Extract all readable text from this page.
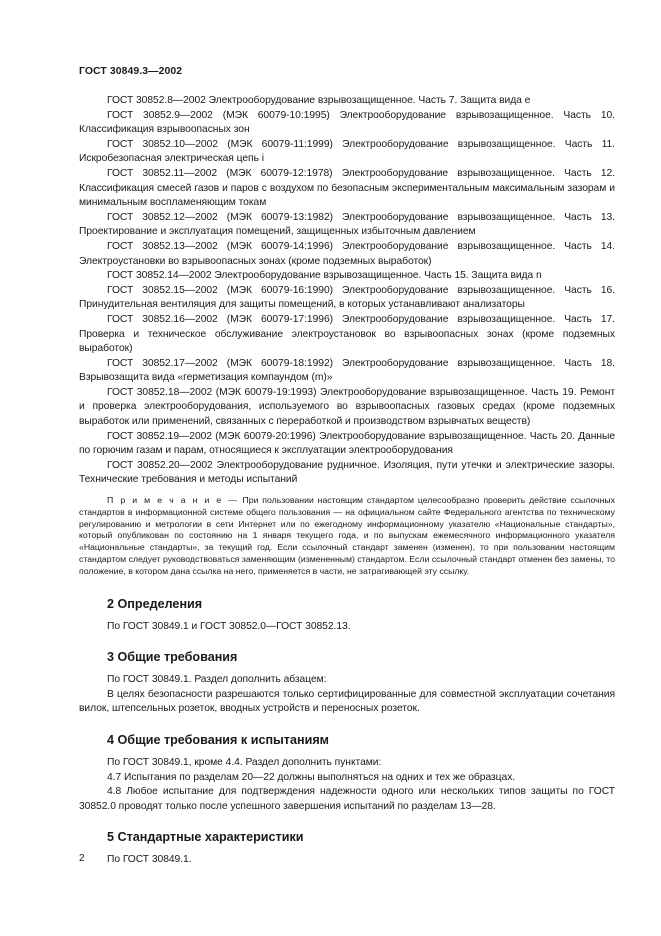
ГОСТ 30849.3—2002

ГОСТ 30852.8—2002 Электрооборудование взрывозащищенное. Часть 7. Защита вида е

ГОСТ 30852.9—2002 (МЭК 60079-10:1995) Электрооборудование взрывозащищенное. Часть 10. Классификация взрывоопасных зон

ГОСТ 30852.10—2002 (МЭК 60079-11:1999) Электрооборудование взрывозащищенное. Часть 11. Искробезопасная электрическая цепь i

ГОСТ 30852.11—2002 (МЭК 60079-12:1978) Электрооборудование взрывозащищенное. Часть 12. Классификация смесей газов и паров с воздухом по безопасным экспериментальным максимальным зазорам и минимальным воспламеняющим токам

ГОСТ 30852.12—2002 (МЭК 60079-13:1982) Электрооборудование взрывозащищенное. Часть 13. Проектирование и эксплуатация помещений, защищенных избыточным давлением

ГОСТ 30852.13—2002 (МЭК 60079-14:1996) Электрооборудование взрывозащищенное. Часть 14. Электроустановки во взрывоопасных зонах (кроме подземных выработок)

ГОСТ 30852.14—2002 Электрооборудование взрывозащищенное. Часть 15. Защита вида n

ГОСТ 30852.15—2002 (МЭК 60079-16:1990) Электрооборудование взрывозащищенное. Часть 16. Принудительная вентиляция для защиты помещений, в которых устанавливают анализаторы

ГОСТ 30852.16—2002 (МЭК 60079-17:1996) Электрооборудование взрывозащищенное. Часть 17. Проверка и техническое обслуживание электроустановок во взрывоопасных зонах (кроме подземных выработок)

ГОСТ 30852.17—2002 (МЭК 60079-18:1992) Электрооборудование взрывозащищенное. Часть 18. Взрывозащита вида «герметизация компаундом (m)»

ГОСТ 30852.18—2002 (МЭК 60079-19:1993) Электрооборудование взрывозащищенное. Часть 19. Ремонт и проверка электрооборудования, используемого во взрывоопасных газовых средах (кроме подземных выработок или применений, связанных с переработкой и производством взрывчатых веществ)

ГОСТ 30852.19—2002 (МЭК 60079-20:1996) Электрооборудование взрывозащищенное. Часть 20. Данные по горючим газам и парам, относящиеся к эксплуатации электрооборудования

ГОСТ 30852.20—2002 Электрооборудование рудничное. Изоляция, пути утечки и электрические зазоры. Технические требования и методы испытаний

П р и м е ч а н и е — При пользовании настоящим стандартом целесообразно проверить действие ссылочных стандартов в информационной системе общего пользования — на официальном сайте Федерального агентства по техническому регулированию и метрологии в сети Интернет или по ежегодному информационному указателю «Национальные стандарты», который опубликован по состоянию на 1 января текущего года, и по выпускам ежемесячного информационного указателя «Национальные стандарты», за текущий год. Если ссылочный стандарт заменен (изменен), то при пользовании настоящим стандартом следует руководствоваться заменяющим (измененным) стандартом. Если ссылочный стандарт отменен без замены, то положение, в котором дана ссылка на него, применяется в части, не затрагивающей эту ссылку.

2 Определения

По ГОСТ 30849.1 и ГОСТ 30852.0—ГОСТ 30852.13.

3 Общие требования

По ГОСТ 30849.1. Раздел дополнить абзацем:

В целях безопасности разрешаются только сертифицированные для совместной эксплуатации сочетания вилок, штепсельных розеток, вводных устройств и переносных розеток.

4 Общие требования к испытаниям

По ГОСТ 30849.1, кроме 4.4. Раздел дополнить пунктами:

4.7 Испытания по разделам 20—22 должны выполняться на одних и тех же образцах.

4.8 Любое испытание для подтверждения надежности одного или нескольких типов защиты по ГОСТ 30852.0 проводят только после успешного завершения испытаний по разделам 13—28.

5 Стандартные характеристики

По ГОСТ 30849.1.

2
